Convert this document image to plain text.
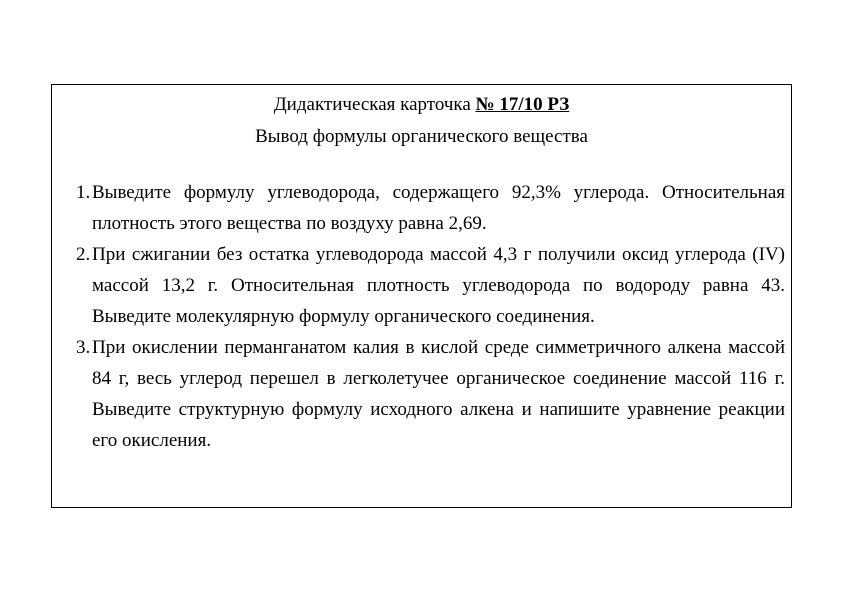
Дидактическая карточка № 17/10 РЗ
Вывод формулы органического вещества
1. Выведите формулу углеводорода, содержащего 92,3% углерода. Относительная плотность этого вещества по воздуху равна 2,69.
2. При сжигании без остатка углеводорода массой 4,3 г получили оксид углерода (IV) массой 13,2 г. Относительная плотность углеводорода по водороду равна 43. Выведите молекулярную формулу органического соединения.
3. При окислении перманганатом калия в кислой среде симметричного алкена массой 84 г, весь углерод перешел в легколетучее органическое соединение массой 116 г. Выведите структурную формулу исходного алкена и напишите уравнение реакции его окисления.
